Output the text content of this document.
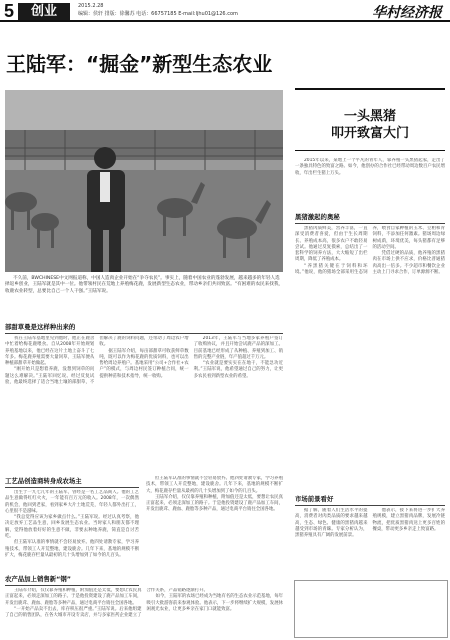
5	创业	2015.2.28
编辑：侯轩 排版：徐馨苏 电话：66757185 E-mail:ljhu01@126.com	华村经济报
王陆军：“掘金”新型生态农业
不久前，BWCHINESE中文网报道称，中国人造肉企业开始在“争夺农民”。事实上，随着中国农业的蓬勃发展，越来越多的年轻人选择返乡创业，王陆军就是其中一位。他带领村民在荒地上养殖梅花鹿，发展新型生态农业，带动乡亲们共同致富。“有困难的农民来找我，收鹿农业转型，总要比自己一个人干强。”王陆军说。
部甜草曼是这样种出来的

我在王陆军基地里见到他时，他正在鹿舍中忙着给梅花鹿喂食。自从2008年开始规划养殖基地以来，他已经在这片土地上奋斗了七年多。梅花鹿养殖需要大量饲草，王陆军便从种植部甜草开始做起。

“刚开始只是想着养鹿，没想到饲草的问题这么难解决。”王陆军回忆说。经过反复试验，他最终选择了适合当地土壤的部甜草，不但解决了鹿的饲料问题，还带动了周边农户增收。

据王陆军介绍，每亩部甜草可收获鲜草数吨，既可以作为梅花鹿的优质饲料，也可以出售给周边养殖户。基地采用“公司+合作社+农户”的模式，与周边村民签订种植合同，统一提供种苗和技术指导，统一收购。

2013年，王陆军与当地多家养殖户签订了收购协议，并且开始尝试鹿产品的深加工。目前基地已经形成了从种植、养殖到加工、销售的完整产业链，年产值超过千万元。

“农业就是要实实在在地干，不能急功近利。”王陆军说，他希望通过自己的努力，让更多农民看到新型农业的希望。

工艺品创造商转身成农场主

出生于一九七几年的王陆军，曾经是一名工艺品商人。他的工艺品生意做得红红火火，一年能有百万元的收入。2008年，一次偶然的机会，他回到老家，看到家乡大片土地荒芜，年轻人都外出打工，心里很不是滋味。

“我总觉得应该为家乡做点什么。”王陆军说。经过认真考察，他决定放弃工艺品生意，回乡发展生态农业。当时家人和朋友都不理解，觉得他放着好好的生意不做，非要去种地养鹿，简直是自讨苦吃。

但王陆军认准的事情就不会轻易放弃。他四处请教专家，学习养殖技术，带领工人开荒整地，建设鹿舍。几年下来，基地的规模不断扩大，梅花鹿存栏量从最初的几十头增加到了如今的几百头。

农产品加上销售新“钢”

王陆军介绍，仅仅靠养殖和种植，附加值还是太低，要想让农民真正富起来，必须走深加工的路子。于是他投资建设了鹿产品加工车间，开发出鹿茸、鹿血、鹿胎等多种产品，通过电商平台销往全国各地。

“一开始产品卖不出去，库存积压很严重。”王陆军说。后来他组建了自己的销售团队，在各大城市开设专卖店，并与多家医药企业建立了合作关系，产品销路逐渐打开。

如今，王陆军的农场已经成为当地有名的生态农业示范基地，每年吸引大批游客前来参观体验。他表示，下一步将继续扩大规模，发展休闲观光农业，让更多乡亲在家门口就能致富。

但王陆军认准的事情就不会轻易放弃。他四处请教专家，学习养殖技术，带领工人开荒整地，建设鹿舍。几年下来，基地的规模不断扩大，梅花鹿存栏量从最初的几十头增加到了如今的几百头。

王陆军介绍，仅仅靠养殖和种植，附加值还是太低，要想让农民真正富起来，必须走深加工的路子。于是他投资建设了鹿产品加工车间，开发出鹿茸、鹿血、鹿胎等多种产品，通过电商平台销往全国各地。

一头黑猪
叩开致富大门

2015年以来，某地上一个平凡的青年人，靠养殖一头黑猪起家，走出了一条独具特色的致富之路。如今，他创办的合作社已经带动周边数百户农民增收，年出栏生猪上万头。

黑猪激起的奥秘

黑猪肉质鲜美，营养丰富，一直深受消费者喜爱，但由于生长周期长、养殖成本高，很多农户不敢轻易尝试。他通过反复摸索，总结出了一套科学的饲养方法，大大缩短了出栏周期，降低了养殖成本。

“养黑猪关键在于饲料和环境。”他说，他的猪场全部采用生态饲养，喂食自家种植的玉米、豆粕和青饲料，不添加任何激素。猪场周边绿树成荫，环境优美，每头猪都有足够的活动空间。

凭借过硬的品质，他养殖的黑猪肉在市场上供不应求，价格比普通猪肉高出一倍多。不少超市和餐饮企业主动上门寻求合作，订单源源不断。

市场前景看好

据了解，随着人们生活水平的提高，消费者对肉类品质的要求越来越高，生态、绿色、健康的黑猪肉越来越受到市场的青睐。专家分析认为，黑猪养殖具有广阔的发展前景。

他表示，接下来将进一步扩大养殖规模，建立黑猪肉品牌，发展冷链物流，把优质黑猪肉送上更多百姓的餐桌，带动更多乡亲走上致富路。
